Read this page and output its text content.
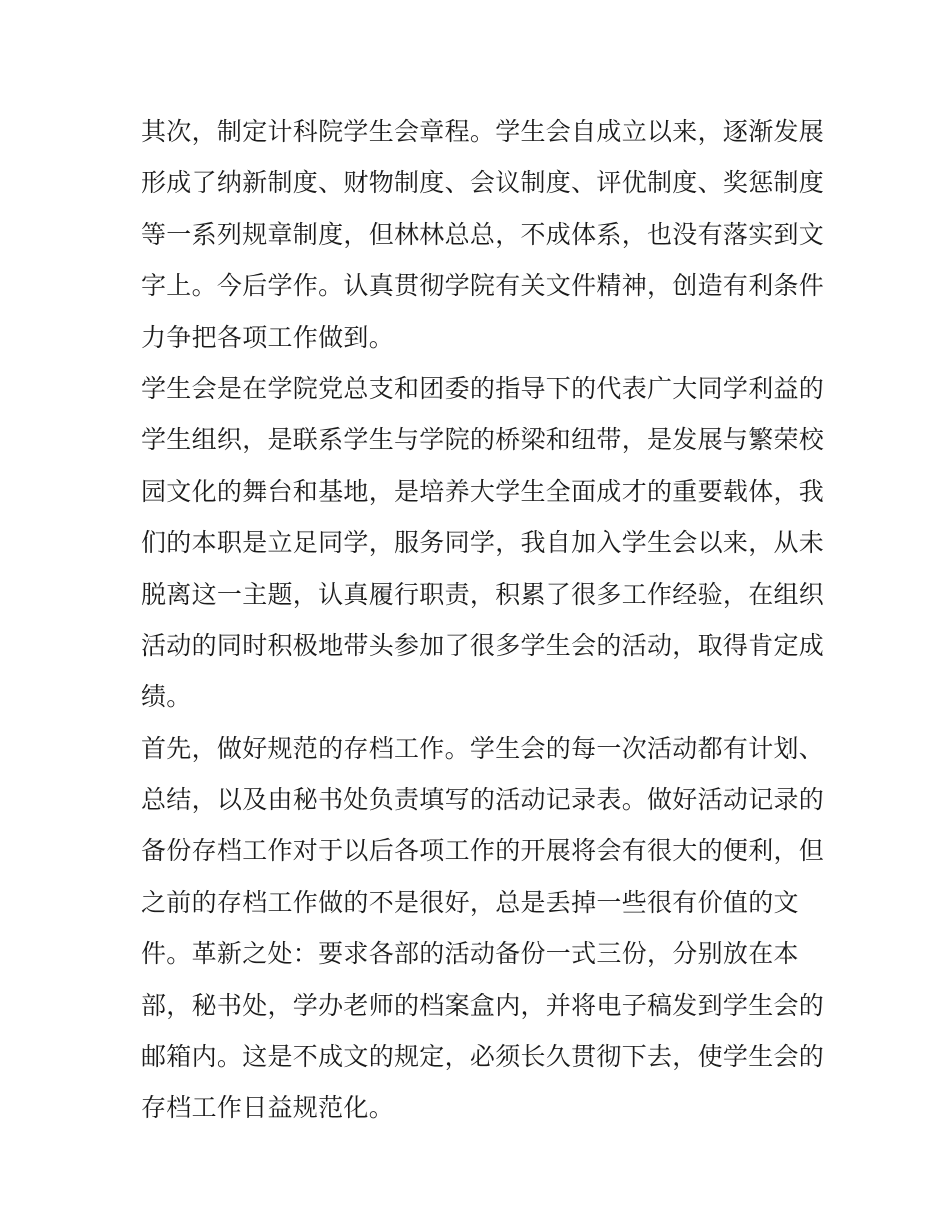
其次，制定计科院学生会章程。学生会自成立以来，逐渐发展
形成了纳新制度、财物制度、会议制度、评优制度、奖惩制度
等一系列规章制度，但林林总总，不成体系，也没有落实到文
字上。今后学作。认真贯彻学院有关文件精神，创造有利条件
力争把各项工作做到。
学生会是在学院党总支和团委的指导下的代表广大同学利益的
学生组织，是联系学生与学院的桥梁和纽带，是发展与繁荣校
园文化的舞台和基地，是培养大学生全面成才的重要载体，我
们的本职是立足同学，服务同学，我自加入学生会以来，从未
脱离这一主题，认真履行职责，积累了很多工作经验，在组织
活动的同时积极地带头参加了很多学生会的活动，取得肯定成
绩。
首先，做好规范的存档工作。学生会的每一次活动都有计划、
总结，以及由秘书处负责填写的活动记录表。做好活动记录的
备份存档工作对于以后各项工作的开展将会有很大的便利，但
之前的存档工作做的不是很好，总是丢掉一些很有价值的文
件。革新之处：要求各部的活动备份一式三份，分别放在本
部，秘书处，学办老师的档案盒内，并将电子稿发到学生会的
邮箱内。这是不成文的规定，必须长久贯彻下去，使学生会的
存档工作日益规范化。
